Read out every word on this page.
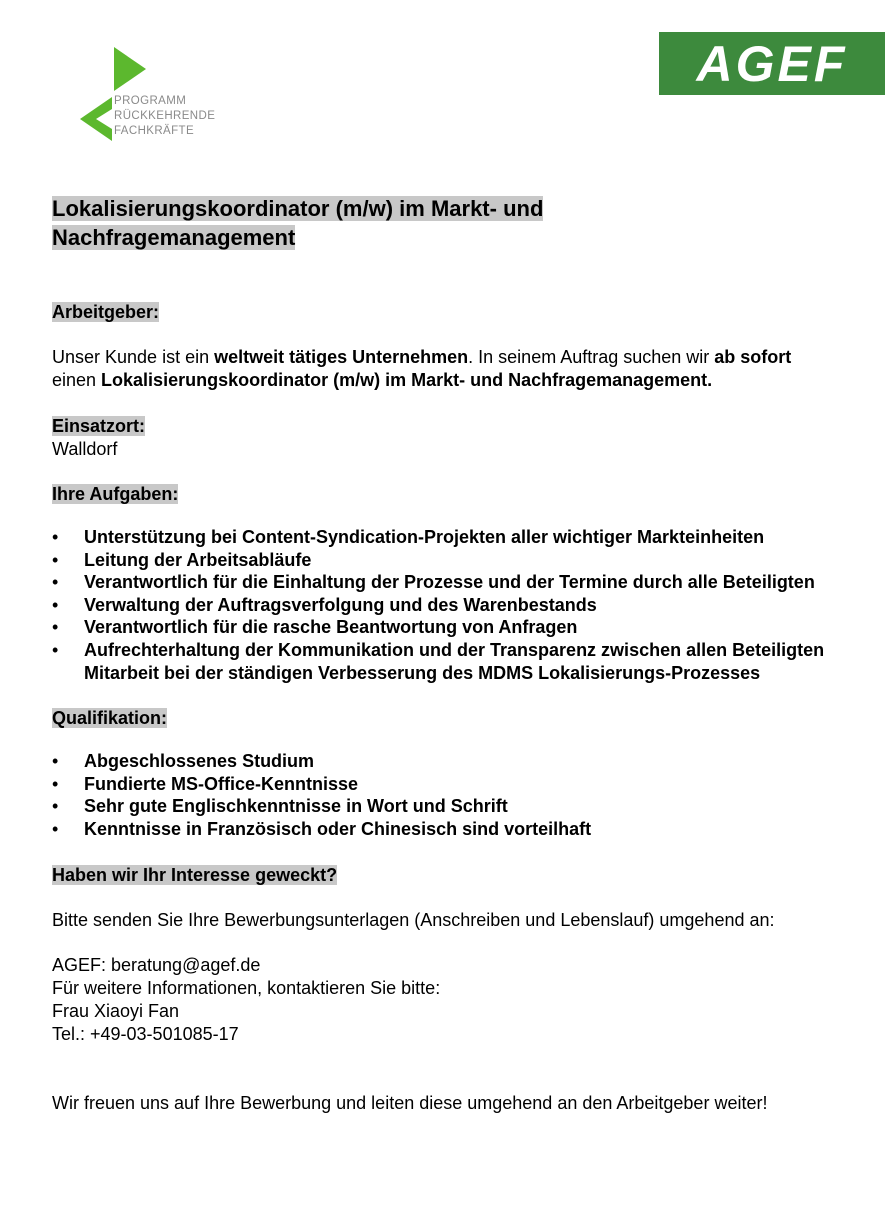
PROGRAMM
RÜCKKEHRENDE
FACHKRÄFTE
AGEF
Lokalisierungskoordinator (m/w) im Markt- und
Nachfragemanagement
Arbeitgeber:
Unser Kunde ist ein weltweit tätiges Unternehmen. In seinem Auftrag suchen wir ab sofort
einen Lokalisierungskoordinator (m/w) im Markt- und Nachfragemanagement.
Einsatzort:
Walldorf
Ihre Aufgaben:
• Unterstützung bei Content-Syndication-Projekten aller wichtiger Markteinheiten
• Leitung der Arbeitsabläufe
• Verantwortlich für die Einhaltung der Prozesse und der Termine durch alle Beteiligten
• Verwaltung der Auftragsverfolgung und des Warenbestands
• Verantwortlich für die rasche Beantwortung von Anfragen
• Aufrechterhaltung der Kommunikation und der Transparenz zwischen allen Beteiligten Mitarbeit bei der ständigen Verbesserung des MDMS Lokalisierungs-Prozesses
Qualifikation:
• Abgeschlossenes Studium
• Fundierte MS-Office-Kenntnisse
• Sehr gute Englischkenntnisse in Wort und Schrift
• Kenntnisse in Französisch oder Chinesisch sind vorteilhaft
Haben wir Ihr Interesse geweckt?
Bitte senden Sie Ihre Bewerbungsunterlagen (Anschreiben und Lebenslauf) umgehend an:
AGEF: beratung@agef.de
Für weitere Informationen, kontaktieren Sie bitte:
Frau Xiaoyi Fan
Tel.: +49-03-501085-17
Wir freuen uns auf Ihre Bewerbung und leiten diese umgehend an den Arbeitgeber weiter!
